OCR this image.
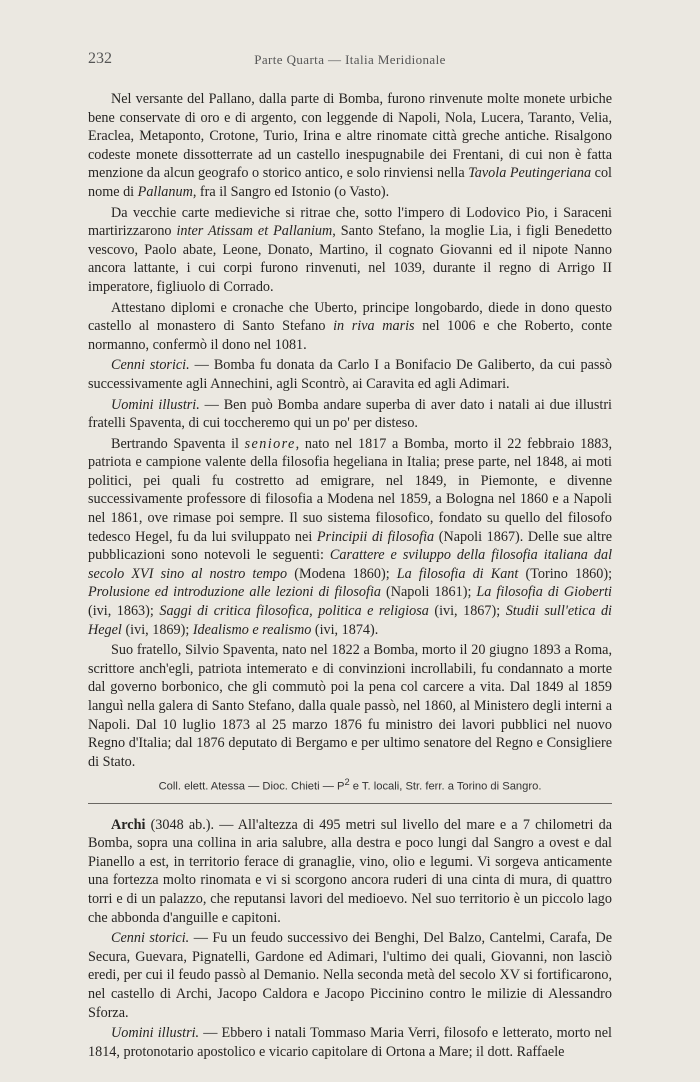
232	Parte Quarta — Italia Meridionale

Nel versante del Pallano, dalla parte di Bomba, furono rinvenute molte monete urbiche bene conservate di oro e di argento, con leggende di Napoli, Nola, Lucera, Taranto, Velia, Eraclea, Metaponto, Crotone, Turio, Irina e altre rinomate città greche antiche. Risalgono codeste monete dissotterrate ad un castello inespugnabile dei Frentani, di cui non è fatta menzione da alcun geografo o storico antico, e solo rinviensi nella Tavola Peutingeriana col nome di Pallanum, fra il Sangro ed Istonio (o Vasto).

Da vecchie carte medieviche si ritrae che, sotto l'impero di Lodovico Pio, i Saraceni martirizzarono inter Atissam et Pallanium, Santo Stefano, la moglie Lia, i figli Benedetto vescovo, Paolo abate, Leone, Donato, Martino, il cognato Giovanni ed il nipote Nanno ancora lattante, i cui corpi furono rinvenuti, nel 1039, durante il regno di Arrigo II imperatore, figliuolo di Corrado.

Attestano diplomi e cronache che Uberto, principe longobardo, diede in dono questo castello al monastero di Santo Stefano in riva maris nel 1006 e che Roberto, conte normanno, confermò il dono nel 1081.

Cenni storici. — Bomba fu donata da Carlo I a Bonifacio De Galiberto, da cui passò successivamente agli Annechini, agli Scontrò, ai Caravita ed agli Adimari.

Uomini illustri. — Ben può Bomba andare superba di aver dato i natali ai due illustri fratelli Spaventa, di cui toccheremo qui un po' per disteso.

Bertrando Spaventa il seniore, nato nel 1817 a Bomba, morto il 22 febbraio 1883, patriota e campione valente della filosofia hegeliana in Italia; prese parte, nel 1848, ai moti politici, pei quali fu costretto ad emigrare, nel 1849, in Piemonte, e divenne successivamente professore di filosofia a Modena nel 1859, a Bologna nel 1860 e a Napoli nel 1861, ove rimase poi sempre. Il suo sistema filosofico, fondato su quello del filosofo tedesco Hegel, fu da lui sviluppato nei Principii di filosofia (Napoli 1867). Delle sue altre pubblicazioni sono notevoli le seguenti: Carattere e sviluppo della filosofia italiana dal secolo XVI sino al nostro tempo (Modena 1860); La filosofia di Kant (Torino 1860); Prolusione ed introduzione alle lezioni di filosofia (Napoli 1861); La filosofia di Gioberti (ivi, 1863); Saggi di critica filosofica, politica e religiosa (ivi, 1867); Studii sull'etica di Hegel (ivi, 1869); Idealismo e realismo (ivi, 1874).

Suo fratello, Silvio Spaventa, nato nel 1822 a Bomba, morto il 20 giugno 1893 a Roma, scrittore anch'egli, patriota intemerato e di convinzioni incrollabili, fu condannato a morte dal governo borbonico, che gli commutò poi la pena col carcere a vita. Dal 1849 al 1859 languì nella galera di Santo Stefano, dalla quale passò, nel 1860, al Ministero degli interni a Napoli. Dal 10 luglio 1873 al 25 marzo 1876 fu ministro dei lavori pubblici nel nuovo Regno d'Italia; dal 1876 deputato di Bergamo e per ultimo senatore del Regno e Consigliere di Stato.

Coll. elett. Atessa — Dioc. Chieti — $P^2$ e T. locali, Str. ferr. a Torino di Sangro.

Archi (3048 ab.). — All'altezza di 495 metri sul livello del mare e a 7 chilometri da Bomba, sopra una collina in aria salubre, alla destra e poco lungi dal Sangro a ovest e dal Pianello a est, in territorio ferace di granaglie, vino, olio e legumi. Vi sorgeva anticamente una fortezza molto rinomata e vi si scorgono ancora ruderi di una cinta di mura, di quattro torri e di un palazzo, che reputansi lavori del medioevo. Nel suo territorio è un piccolo lago che abbonda d'anguille e capitoni.

Cenni storici. — Fu un feudo successivo dei Benghi, Del Balzo, Cantelmi, Carafa, De Secura, Guevara, Pignatelli, Gardone ed Adimari, l'ultimo dei quali, Giovanni, non lasciò eredi, per cui il feudo passò al Demanio. Nella seconda metà del secolo XV si fortificarono, nel castello di Archi, Jacopo Caldora e Jacopo Piccinino contro le milizie di Alessandro Sforza.

Uomini illustri. — Ebbero i natali Tommaso Maria Verri, filosofo e letterato, morto nel 1814, protonotario apostolico e vicario capitolare di Ortona a Mare; il dott. Raffaele
